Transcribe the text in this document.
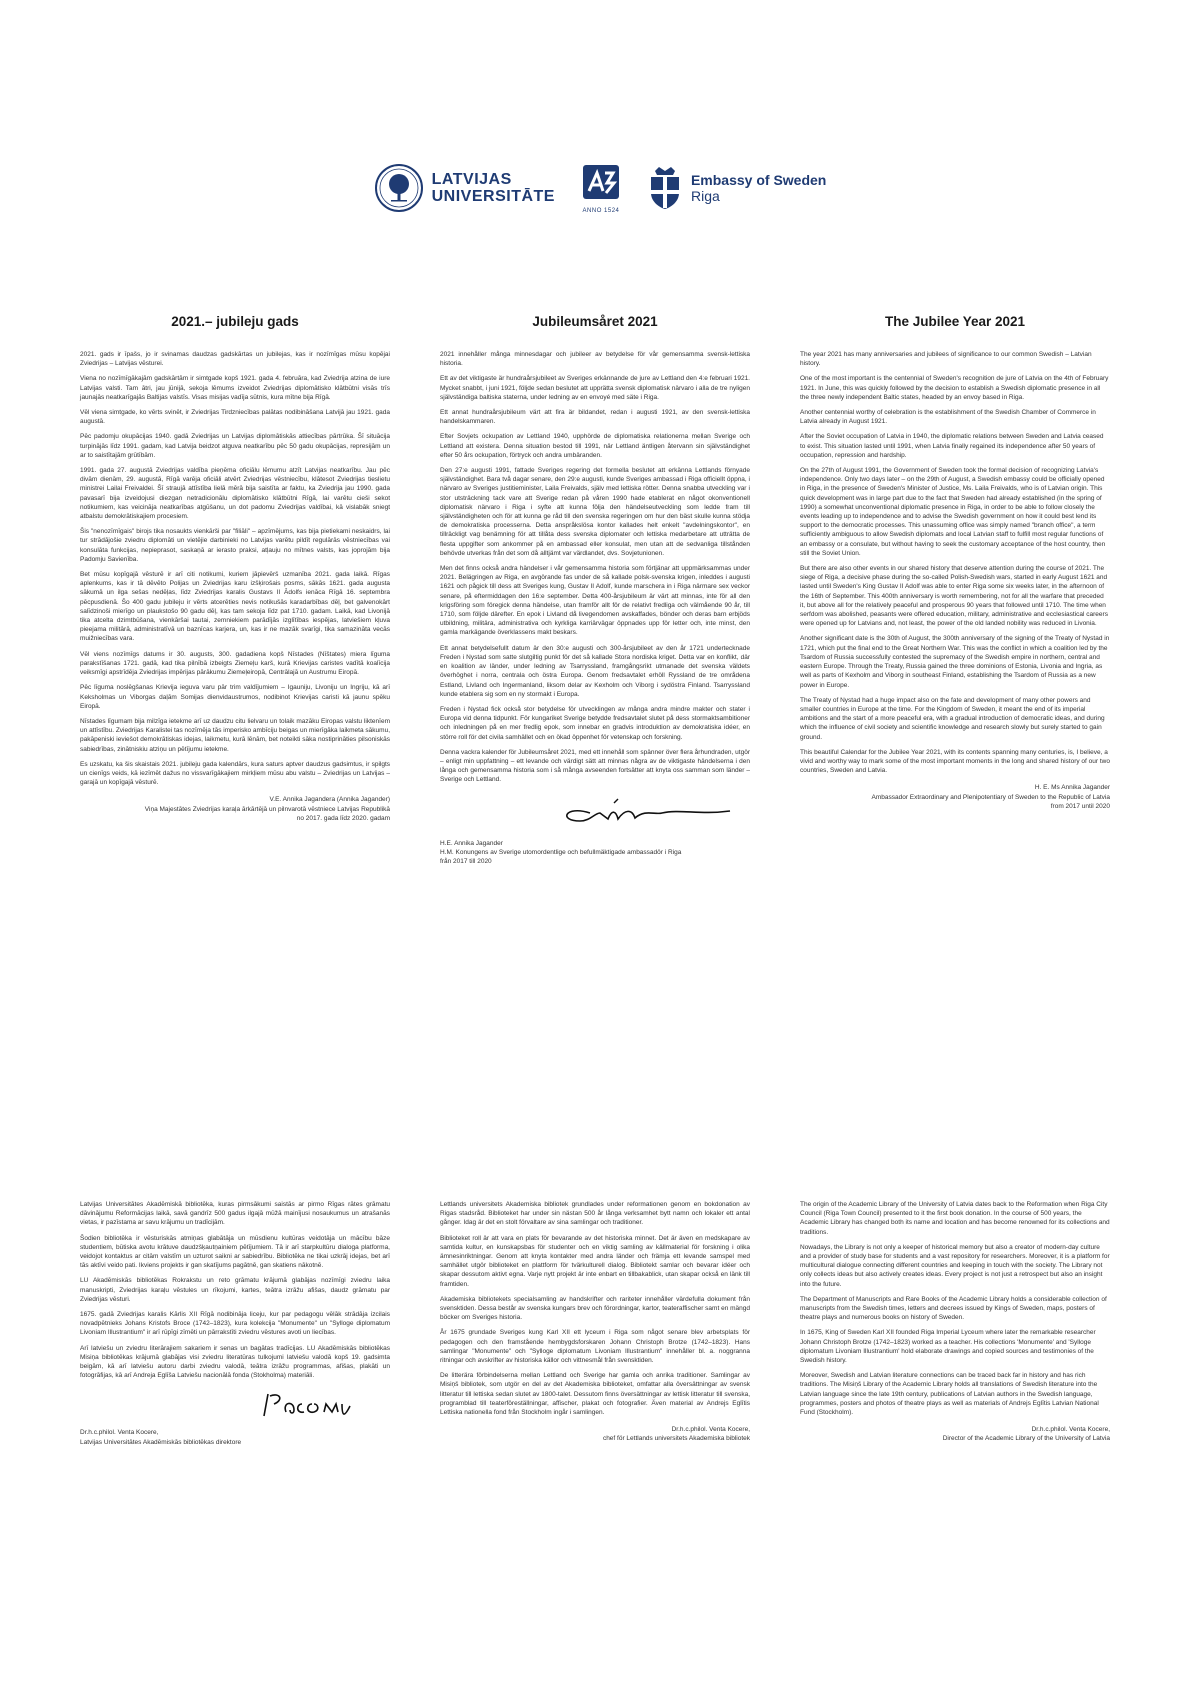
LATVIJAS
UNIVERSITĀTE
ANNO 1524
Embassy of Sweden
Riga
2021.– jubileju gads

2021. gads ir īpašs, jo ir svinamas daudzas gadskārtas un jubilejas, kas ir nozīmīgas mūsu kopējai Zviedrijas – Latvijas vēsturei.

Viena no nozīmīgākajām gadskārtām ir simtgade kopš 1921. gada 4. februāra, kad Zviedrija atzina de iure Latvijas valsti. Tam ātri, jau jūnijā, sekoja lēmums izveidot Zviedrijas diplomātisko klātbūtni visās trīs jaunajās neatkarīgajās Baltijas valstīs. Visas misijas vadīja sūtnis, kura mītne bija Rīgā.

Vēl viena simtgade, ko vērts svinēt, ir Zviedrijas Tirdzniecības palātas nodibināšana Latvijā jau 1921. gada augustā.

Pēc padomju okupācijas 1940. gadā Zviedrijas un Latvijas diplomātiskās attiecības pārtrūka. Šī situācija turpinājās līdz 1991. gadam, kad Latvija beidzot atguva neatkarību pēc 50 gadu okupācijas, represijām un ar to saistītajām grūtībām.

1991. gada 27. augustā Zviedrijas valdība pieņēma oficiālu lēmumu atzīt Latvijas neatkarību. Jau pēc divām dienām, 29. augustā, Rīgā varēja oficiāli atvērt Zviedrijas vēstniecību, klātesot Zviedrijas tieslietu ministrei Lailai Freivaldei. Šī straujā attīstība lielā mērā bija saistīta ar faktu, ka Zviedrija jau 1990. gada pavasarī bija izveidojusi diezgan netradicionālu diplomātisko klātbūtni Rīgā, lai varētu cieši sekot notikumiem, kas veicināja neatkarības atgūšanu, un dot padomu Zviedrijas valdībai, kā vislabāk sniegt atbalstu demokrātiskajiem procesiem.

Šis "nenozīmīgais" birojs tika nosaukts vienkārši par "filiāli" – apzīmējums, kas bija pietiekami neskaidrs, lai tur strādājošie zviedru diplomāti un vietējie darbinieki no Latvijas varētu pildīt regulārās vēstniecības vai konsulāta funkcijas, nepieprasot, saskaņā ar ierasto praksi, atļauju no mītnes valsts, kas joprojām bija Padomju Savienība.

Bet mūsu kopīgajā vēsturē ir arī citi notikumi, kuriem jāpievērš uzmanība 2021. gada laikā. Rīgas aplenkums, kas ir tā dēvēto Polijas un Zviedrijas karu izšķirošais posms, sākās 1621. gada augusta sākumā un ilga sešas nedēļas, līdz Zviedrijas karalis Gustavs II Ādolfs ienāca Rīgā 16. septembra pēcpusdienā. Šo 400 gadu jubileju ir vērts atcerēties nevis notikušās karadarbības dēļ, bet galvenokārt salīdzinoši mierīgo un plaukstošo 90 gadu dēļ, kas tam sekoja līdz pat 1710. gadam. Laikā, kad Livonijā tika atcelta dzimtbūšana, vienkāršai tautai, zemniekiem parādījās izglītības iespējas, latviešiem kļuva pieejama militārā, administratīvā un baznīcas karjera, un, kas ir ne mazāk svarīgi, tika samazināta vecās muižniecības vara.

Vēl viens nozīmīgs datums ir 30. augusts, 300. gadadiena kopš Nīstades (Nīštates) miera līguma parakstīšanas 1721. gadā, kad tika pilnībā izbeigts Ziemeļu karš, kurā Krievijas caristes vadītā koalīcija veiksmīgi apstrīdēja Zviedrijas impērijas pārākumu Ziemeļeiropā, Centrālajā un Austrumu Eiropā.

Pēc līguma noslēgšanas Krievija ieguva varu pār trim valdījumiem – Igauniju, Livoniju un Ingriju, kā arī Keksholmas un Viborgas daļām Somijas dienvidaustrumos, nodibinot Krievijas caristi kā jaunu spēku Eiropā.

Nīstades līgumam bija milzīga ietekme arī uz daudzu citu lielvaru un tolaik mazāku Eiropas valstu liktenīem un attīstību. Zviedrijas Karalistei tas nozīmēja tās imperisko ambīciju beigas un mierīgāka laikmeta sākumu, pakāpeniski ieviešot demokrātiskas idejas, laikmetu, kurā lēnām, bet noteikti sāka nostiprināties pilsoniskās sabiedrības, zinātniskiu atziņu un pētījumu ietekme.

Es uzskatu, ka šis skaistais 2021. jubileju gada kalendārs, kura saturs aptver daudzus gadsimtus, ir spilgts un cienīgs veids, kā iezīmēt dažus no vissvarīgākajiem mirkļiem mūsu abu valstu – Zviedrijas un Latvijas – garajā un kopīgajā vēsturē.

V.E. Annika Jagandera (Annika Jagander)
Viņa Majestātes Zviedrijas karaļa ārkārtējā un pilnvarotā vēstniece Latvijas Republikā
no 2017. gada līdz 2020. gadam
Jubileumsåret 2021

2021 innehåller många minnesdagar och jubileer av betydelse för vår gemensamma svensk-lettiska historia.

Ett av det viktigaste är hundraårsjubileet av Sveriges erkännande de jure av Lettland den 4:e februari 1921. Mycket snabbt, i juni 1921, följde sedan beslutet att upprätta svensk diplomatisk närvaro i alla de tre nyligen självständiga baltiska staterna, under ledning av en envoyé med säte i Riga.

Ett annat hundraårsjubileum värt att fira är bildandet, redan i augusti 1921, av den svensk-lettiska handelskammaren.

Efter Sovjets ockupation av Lettland 1940, upphörde de diplomatiska relationerna mellan Sverige och Lettland att existera. Denna situation bestod till 1991, när Lettland äntligen återvann sin självständighet efter 50 års ockupation, förtryck och andra umbäranden.

Den 27:e augusti 1991, fattade Sveriges regering det formella beslutet att erkänna Lettlands förnyade självständighet. Bara två dagar senare, den 29:e augusti, kunde Sveriges ambassad i Riga officiellt öppna, i närvaro av Sveriges justitieminister, Laila Freivalds, själv med lettiska rötter. Denna snabba utveckling var i stor utsträckning tack vare att Sverige redan på våren 1990 hade etablerat en något okonventionell diplomatisk närvaro i Riga i syfte att kunna följa den händelseutveckling som ledde fram till självständigheten och för att kunna ge råd till den svenska regeringen om hur den bäst skulle kunna stödja de demokratiska processerna. Detta anspråkslösa kontor kallades helt enkelt "avdelningskontor", en tillräckligt vag benämning för att tillåta dess svenska diplomater och lettiska medarbetare att utträtta de flesta uppgifter som ankommer på en ambassad eller konsulat, men utan att de sedvanliga tillstånden behövde utverkas från det som då alltjämt var värdlandet, dvs. Sovjetunionen.

Men det finns också andra händelser i vår gemensamma historia som förtjänar att uppmärksammas under 2021. Belägringen av Riga, en avgörande fas under de så kallade polsk-svenska krigen, inleddes i augusti 1621 och pågick till dess att Sveriges kung, Gustav II Adolf, kunde marschera in i Riga närmare sex veckor senare, på eftermiddagen den 16:e september. Detta 400-årsjubileum är värt att minnas, inte för all den krigsföring som föregick denna händelse, utan framför allt för de relativt fredliga och välmående 90 år, till 1710, som följde därefter. En epok i Livland då livegendomen avskaffades, bönder och deras barn erbjöds utbildning, militära, administrativa och kyrkliga karriärvägar öppnades upp för letter och, inte minst, den gamla markägande överklassens makt beskars.

Ett annat betydelsefullt datum är den 30:e augusti och 300-årsjubileet av den år 1721 undertecknade Freden i Nystad som satte slutgiltig punkt för det så kallade Stora nordiska kriget. Detta var en konflikt, där en koalition av länder, under ledning av Tsarryssland, framgångsrikt utmanade det svenska väldets överhöghet i norra, centrala och östra Europa. Genom fredsavtalet erhöll Ryssland de tre områdena Estland, Livland och Ingermanland, liksom delar av Kexholm och Viborg i sydöstra Finland. Tsarryssland kunde etablera sig som en ny stormakt i Europa.

Freden i Nystad fick också stor betydelse för utvecklingen av många andra mindre makter och stater i Europa vid denna tidpunkt. För kungariket Sverige betydde fredsavtalet slutet på dess stormaktsambitioner och inledningen på en mer fredlig epok, som innebar en gradvis introduktion av demokratiska idéer, en större roll för det civila samhället och en ökad öppenhet för vetenskap och forskning.

Denna vackra kalender för Jubileumsåret 2021, med ett innehåll som spänner över flera århundraden, utgör – enligt min uppfattning – ett levande och värdigt sätt att minnas några av de viktigaste händelserna i den långa och gemensamma historia som i så många avseenden fortsätter att knyta oss samman som länder – Sverige och Lettland.

H.E. Annika Jagander
H.M. Konungens av Sverige utomordentlige och befullmäktigade ambassadör i Riga
från 2017 till 2020
The Jubilee Year 2021

The year 2021 has many anniversaries and jubilees of significance to our common Swedish – Latvian history.

One of the most important is the centennial of Sweden's recognition de jure of Latvia on the 4th of February 1921. In June, this was quickly followed by the decision to establish a Swedish diplomatic presence in all the three newly independent Baltic states, headed by an envoy based in Riga.

Another centennial worthy of celebration is the establishment of the Swedish Chamber of Commerce in Latvia already in August 1921.

After the Soviet occupation of Latvia in 1940, the diplomatic relations between Sweden and Latvia ceased to exist. This situation lasted until 1991, when Latvia finally regained its independence after 50 years of occupation, repression and hardship.

On the 27th of August 1991, the Government of Sweden took the formal decision of recognizing Latvia's independence. Only two days later – on the 29th of August, a Swedish embassy could be officially opened in Riga, in the presence of Sweden's Minister of Justice, Ms. Laila Freivalds, who is of Latvian origin. This quick development was in large part due to the fact that Sweden had already established (in the spring of 1990) a somewhat unconventional diplomatic presence in Riga, in order to be able to follow closely the events leading up to independence and to advise the Swedish government on how it could best lend its support to the democratic processes. This unassuming office was simply named "branch office", a term sufficiently ambiguous to allow Swedish diplomats and local Latvian staff to fulfill most regular functions of an embassy or a consulate, but without having to seek the customary acceptance of the host country, then still the Soviet Union.

But there are also other events in our shared history that deserve attention during the course of 2021. The siege of Riga, a decisive phase during the so-called Polish-Swedish wars, started in early August 1621 and lasted until Sweden's King Gustav II Adolf was able to enter Riga some six weeks later, in the afternoon of the 16th of September. This 400th anniversary is worth remembering, not for all the warfare that preceded it, but above all for the relatively peaceful and prosperous 90 years that followed until 1710. The time when serfdom was abolished, peasants were offered education, military, administrative and ecclesiastical careers were opened up for Latvians and, not least, the power of the old landed nobility was reduced in Livonia.

Another significant date is the 30th of August, the 300th anniversary of the signing of the Treaty of Nystad in 1721, which put the final end to the Great Northern War. This was the conflict in which a coalition led by the Tsardom of Russia successfully contested the supremacy of the Swedish empire in northern, central and eastern Europe. Through the Treaty, Russia gained the three dominions of Estonia, Livonia and Ingria, as well as parts of Kexholm and Viborg in southeast Finland, establishing the Tsardom of Russia as a new power in Europe.

The Treaty of Nystad had a huge impact also on the fate and development of many other powers and smaller countries in Europe at the time. For the Kingdom of Sweden, it meant the end of its imperial ambitions and the start of a more peaceful era, with a gradual introduction of democratic ideas, and during which the influence of civil society and scientific knowledge and research slowly but surely started to gain ground.

This beautiful Calendar for the Jubilee Year 2021, with its contents spanning many centuries, is, I believe, a vivid and worthy way to mark some of the most important moments in the long and shared history of our two countries, Sweden and Latvia.

H. E. Ms Annika Jagander
Ambassador Extraordinary and Plenipotentiary of Sweden to the Republic of Latvia
from 2017 until 2020

Latvijas Universitātes Akadēmiskā bibliotēka, kuras pirmsākumi saistās ar pirmo Rīgas rātes grāmatu dāvinājumu Reformācijas laikā, savā gandrīz 500 gadus ilgajā mūžā mainījusi nosaukumus un atrašanās vietas, ir pazīstama ar savu krājumu un tradīcijām.

Šodien bibliotēka ir vēsturiskās atmiņas glabātāja un mūsdienu kultūras veidotāja un mācību bāze studentiem, būtiska avotu krātuve daudzšķautņainiem pētījumiem. Tā ir arī starpkultūru dialoga platforma, veidojot kontaktus ar citām valstīm un uzturot saikni ar sabiedrību. Bibliotēka ne tikai uzkrāj idejas, bet arī tās aktīvi veido pati. Ikviens projekts ir gan skatījums pagātnē, gan skatiens nākotnē.

LU Akadēmiskās bibliotēkas Rokrakstu un reto grāmatu krājumā glabājas nozīmīgi zviedru laika manuskripti, Zviedrijas karaļu vēstules un rīkojumi, kartes, teātra izrāžu afišas, daudz grāmatu par Zviedrijas vēsturi.

1675. gadā Zviedrijas karalis Kārlis XII Rīgā nodibināja liceju, kur par pedagogu vēlāk strādāja izcilais novadpētnieks Johans Kristofs Broce (1742–1823), kura kolekcija "Monumente" un "Sylloge diplomatum Livoniam Illustrantium" ir arī rūpīgi zīmēti un pārrakstīti zviedru vēstures avoti un liecības.

Arī latviešu un zviedru literārajiem sakariem ir senas un bagātas tradīcijas. LU Akadēmiskās bibliotēkas Misiņa bibliotēkas krājumā glabājas visi zviedru literatūras tulkojumi latviešu valodā kopš 19. gadsimta beigām, kā arī latviešu autoru darbi zviedru valodā, teātra izrāžu programmas, afišas, plakāti un fotogrāfijas, kā arī Andreja Eglīša Latviešu nacionālā fonda (Stokholma) materiāli.

Dr.h.c.philol. Venta Kocere,
Latvijas Universitātes Akadēmiskās bibliotēkas direktore

Lettlands universitets Akademiska bibliotek grundlades under reformationen genom en bokdonation av Rigas stadsråd. Biblioteket har under sin nästan 500 år långa verksamhet bytt namn och lokaler ett antal gånger. Idag är det en stolt förvaltare av sina samlingar och traditioner.

Biblioteket roll är att vara en plats för bevarande av det historiska minnet. Det är även en medskapare av samtida kultur, en kunskapsbas för studenter och en viktig samling av källmaterial för forskning i olika ämnesinriktningar. Genom att knyta kontakter med andra länder och främja ett levande samspel med samhället utgör biblioteket en plattform för tvärkulturell dialog. Bibliotekt samlar och bevarar idéer och skapar dessutom aktivt egna. Varje nytt projekt är inte enbart en tillbakablick, utan skapar också en länk till framtiden.

Akademiska bibliotekets specialsamling av handskrifter och rariteter innehåller värdefulla dokument från svensktiden. Dessa består av svenska kungars brev och förordningar, kartor, teateraffischer samt en mängd böcker om Sveriges historia.

År 1675 grundade Sveriges kung Karl XII ett lyceum i Riga som något senare blev arbetsplats för pedagogen och den framstående hembygdsforskaren Johann Christoph Brotze (1742–1823). Hans samlingar "Monumente" och "Sylloge diplomatum Livoniam Illustrantium" innehåller bl. a. noggranna ritningar och avskrifter av historiska källor och vittnesmål från svensktiden.

De litterära förbindelserna mellan Lettland och Sverige har gamla och anrika traditioner. Samlingar av Misiņš bibliotek, som utgör en del av det Akademiska biblioteket, omfattar alla översättningar av svensk litteratur till lettiska sedan slutet av 1800-talet. Dessutom finns översättningar av lettisk litteratur till svenska, programblad till teaterföreställningar, affischer, plakat och fotografier. Även material av Andrejs Eglītis Lettiska nationella fond från Stockholm ingår i samlingen.

Dr.h.c.philol. Venta Kocere,
chef för Lettlands universitets Akademiska bibliotek

The origin of the Academic Library of the University of Latvia dates back to the Reformation when Riga City Council (Riga Town Council) presented to it the first book donation. In the course of 500 years, the Academic Library has changed both its name and location and has become renowned for its collections and traditions.

Nowadays, the Library is not only a keeper of historical memory but also a creator of modern-day culture and a provider of study base for students and a vast repository for researchers. Moreover, it is a platform for multicultural dialogue connecting different countries and keeping in touch with the society. The Library not only collects ideas but also actively creates ideas. Every project is not just a retrospect but also an insight into the future.

The Department of Manuscripts and Rare Books of the Academic Library holds a considerable collection of manuscripts from the Swedish times, letters and decrees issued by Kings of Sweden, maps, posters of theatre plays and numerous books on history of Sweden.

In 1675, King of Sweden Karl XII founded Riga Imperial Lyceum where later the remarkable researcher Johann Christoph Brotze (1742–1823) worked as a teacher. His collections 'Monumente' and 'Sylloge diplomatum Livoniam Illustrantium' hold elaborate drawings and copied sources and testimonies of the Swedish history.

Moreover, Swedish and Latvian literature connections can be traced back far in history and has rich traditions. The Misiņš Library of the Academic Library holds all translations of Swedish literature into the Latvian language since the late 19th century, publications of Latvian authors in the Swedish language, programmes, posters and photos of theatre plays as well as materials of Andrejs Eglītis Latvian National Fund (Stockholm).

Dr.h.c.philol. Venta Kocere,
Director of the Academic Library of the University of Latvia
